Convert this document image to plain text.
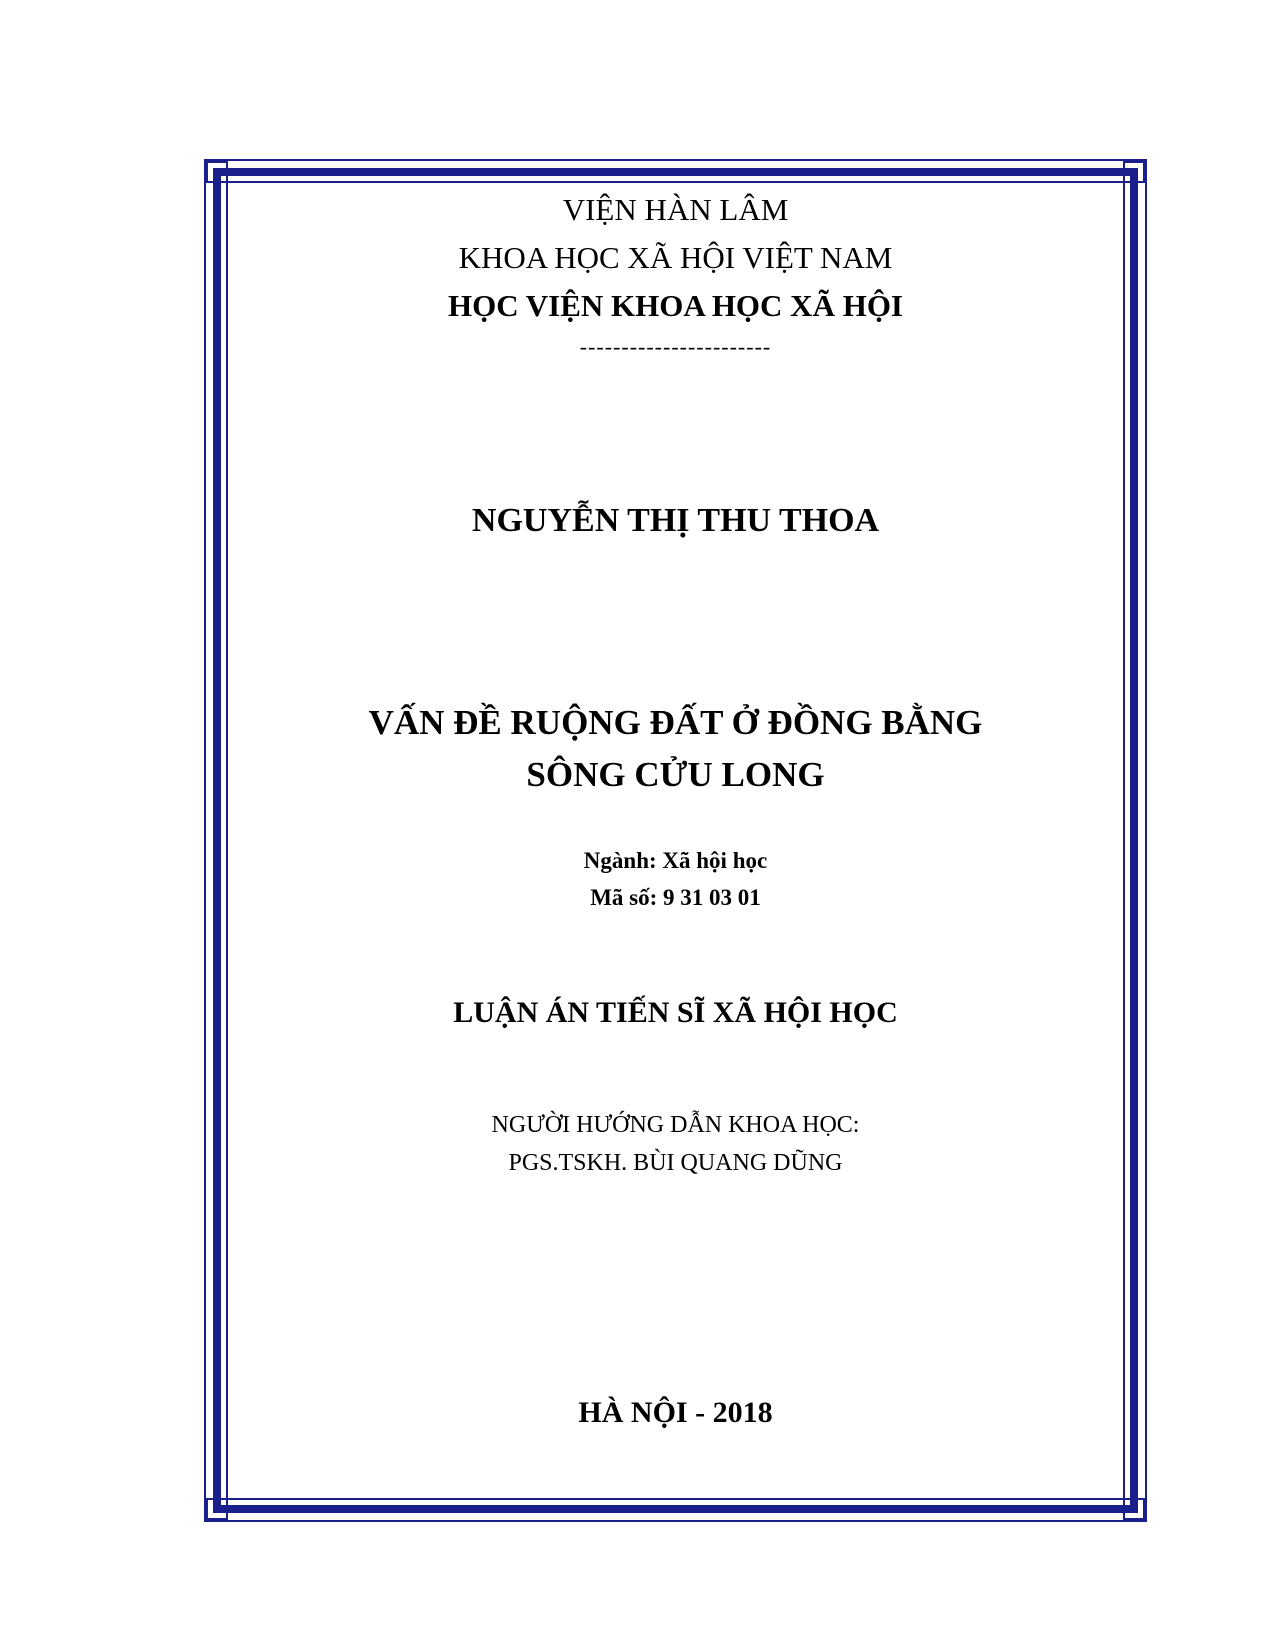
VIỆN HÀN LÂM
KHOA HỌC XÃ HỘI VIỆT NAM
HỌC VIỆN KHOA HỌC XÃ HỘI
-----------------------
NGUYỄN THỊ THU THOA
VẤN ĐỀ RUỘNG ĐẤT Ở ĐỒNG BẰNG
SÔNG CỬU LONG
Ngành: Xã hội học
Mã số: 9 31 03 01
LUẬN ÁN TIẾN SĨ XÃ HỘI HỌC
NGƯỜI HƯỚNG DẪN KHOA HỌC:
PGS.TSKH. BÙI QUANG DŨNG
HÀ NỘI - 2018
